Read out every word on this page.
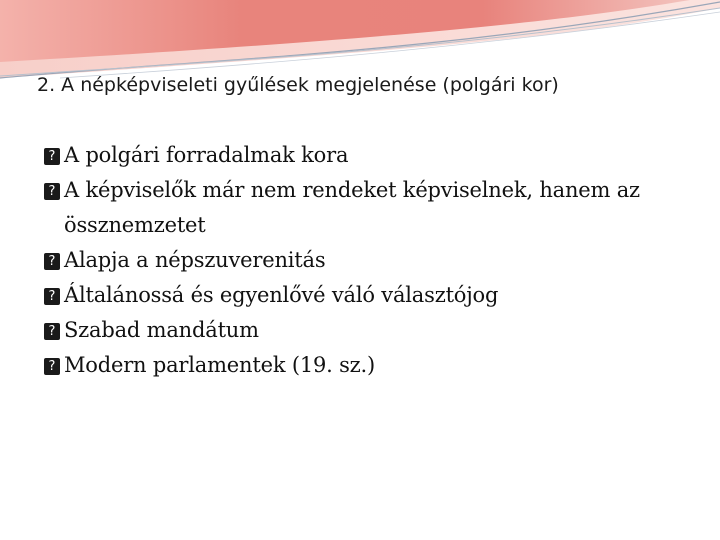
2. A népképviseleti gyűlések megjelenése (polgári kor)
? A polgári forradalmak kora
? A képviselők már nem rendeket képviselnek, hanem az össznemzetet
? Alapja a népszuverenitás
? Általánossá és egyenlővé váló választójog
? Szabad mandátum
? Modern parlamentek (19. sz.)
